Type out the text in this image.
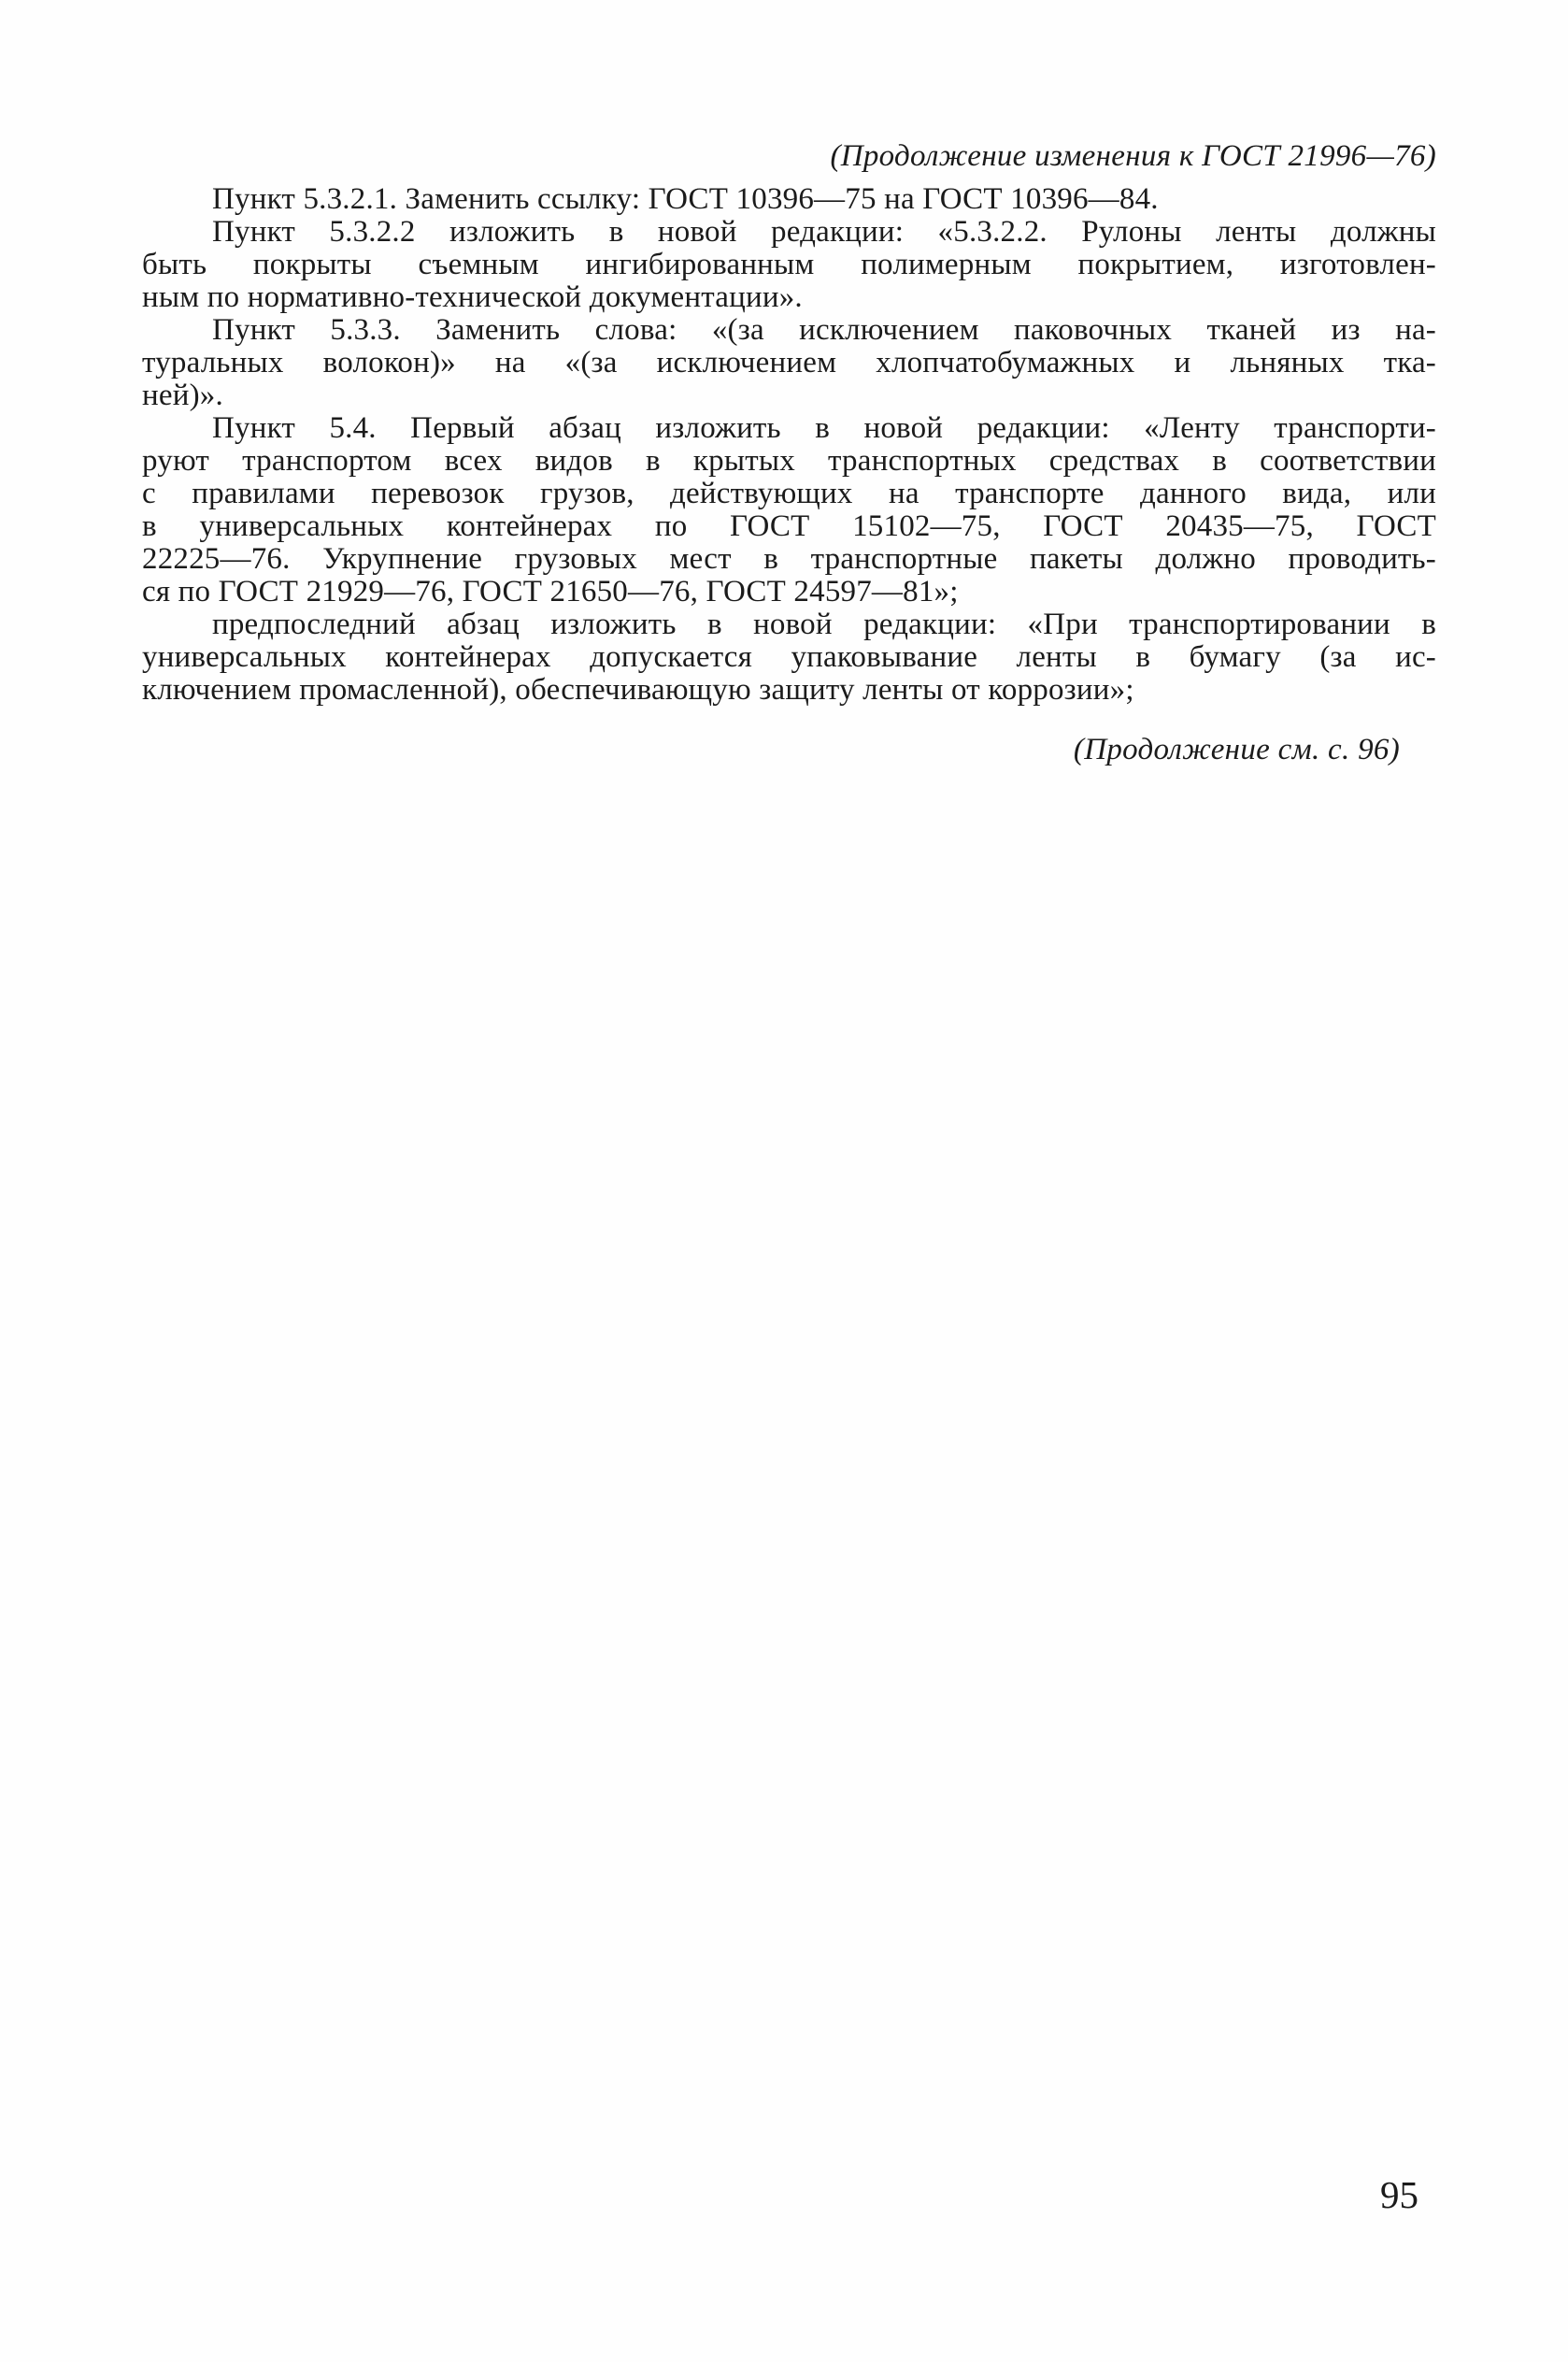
(Продолжение изменения к ГОСТ 21996—76)

Пункт 5.3.2.1. Заменить ссылку: ГОСТ 10396—75 на ГОСТ 10396—84.

Пункт 5.3.2.2 изложить в новой редакции: «5.3.2.2. Рулоны ленты должны
быть покрыты съемным ингибированным полимерным покрытием, изготовлен-
ным по нормативно-технической документации».

Пункт 5.3.3. Заменить слова: «(за исключением паковочных тканей из на-
туральных волокон)» на «(за исключением хлопчатобумажных и льняных тка-
ней)».

Пункт 5.4. Первый абзац изложить в новой редакции: «Ленту транспорти-
руют транспортом всех видов в крытых транспортных средствах в соответствии
с правилами перевозок грузов, действующих на транспорте данного вида, или
в универсальных контейнерах по ГОСТ 15102—75, ГОСТ 20435—75, ГОСТ
22225—76. Укрупнение грузовых мест в транспортные пакеты должно проводить-
ся по ГОСТ 21929—76, ГОСТ 21650—76, ГОСТ 24597—81»;

предпоследний абзац изложить в новой редакции: «При транспортировании в
универсальных контейнерах допускается упаковывание ленты в бумагу (за ис-
ключением промасленной), обеспечивающую защиту ленты от коррозии»;

(Продолжение см. с. 96)
95
